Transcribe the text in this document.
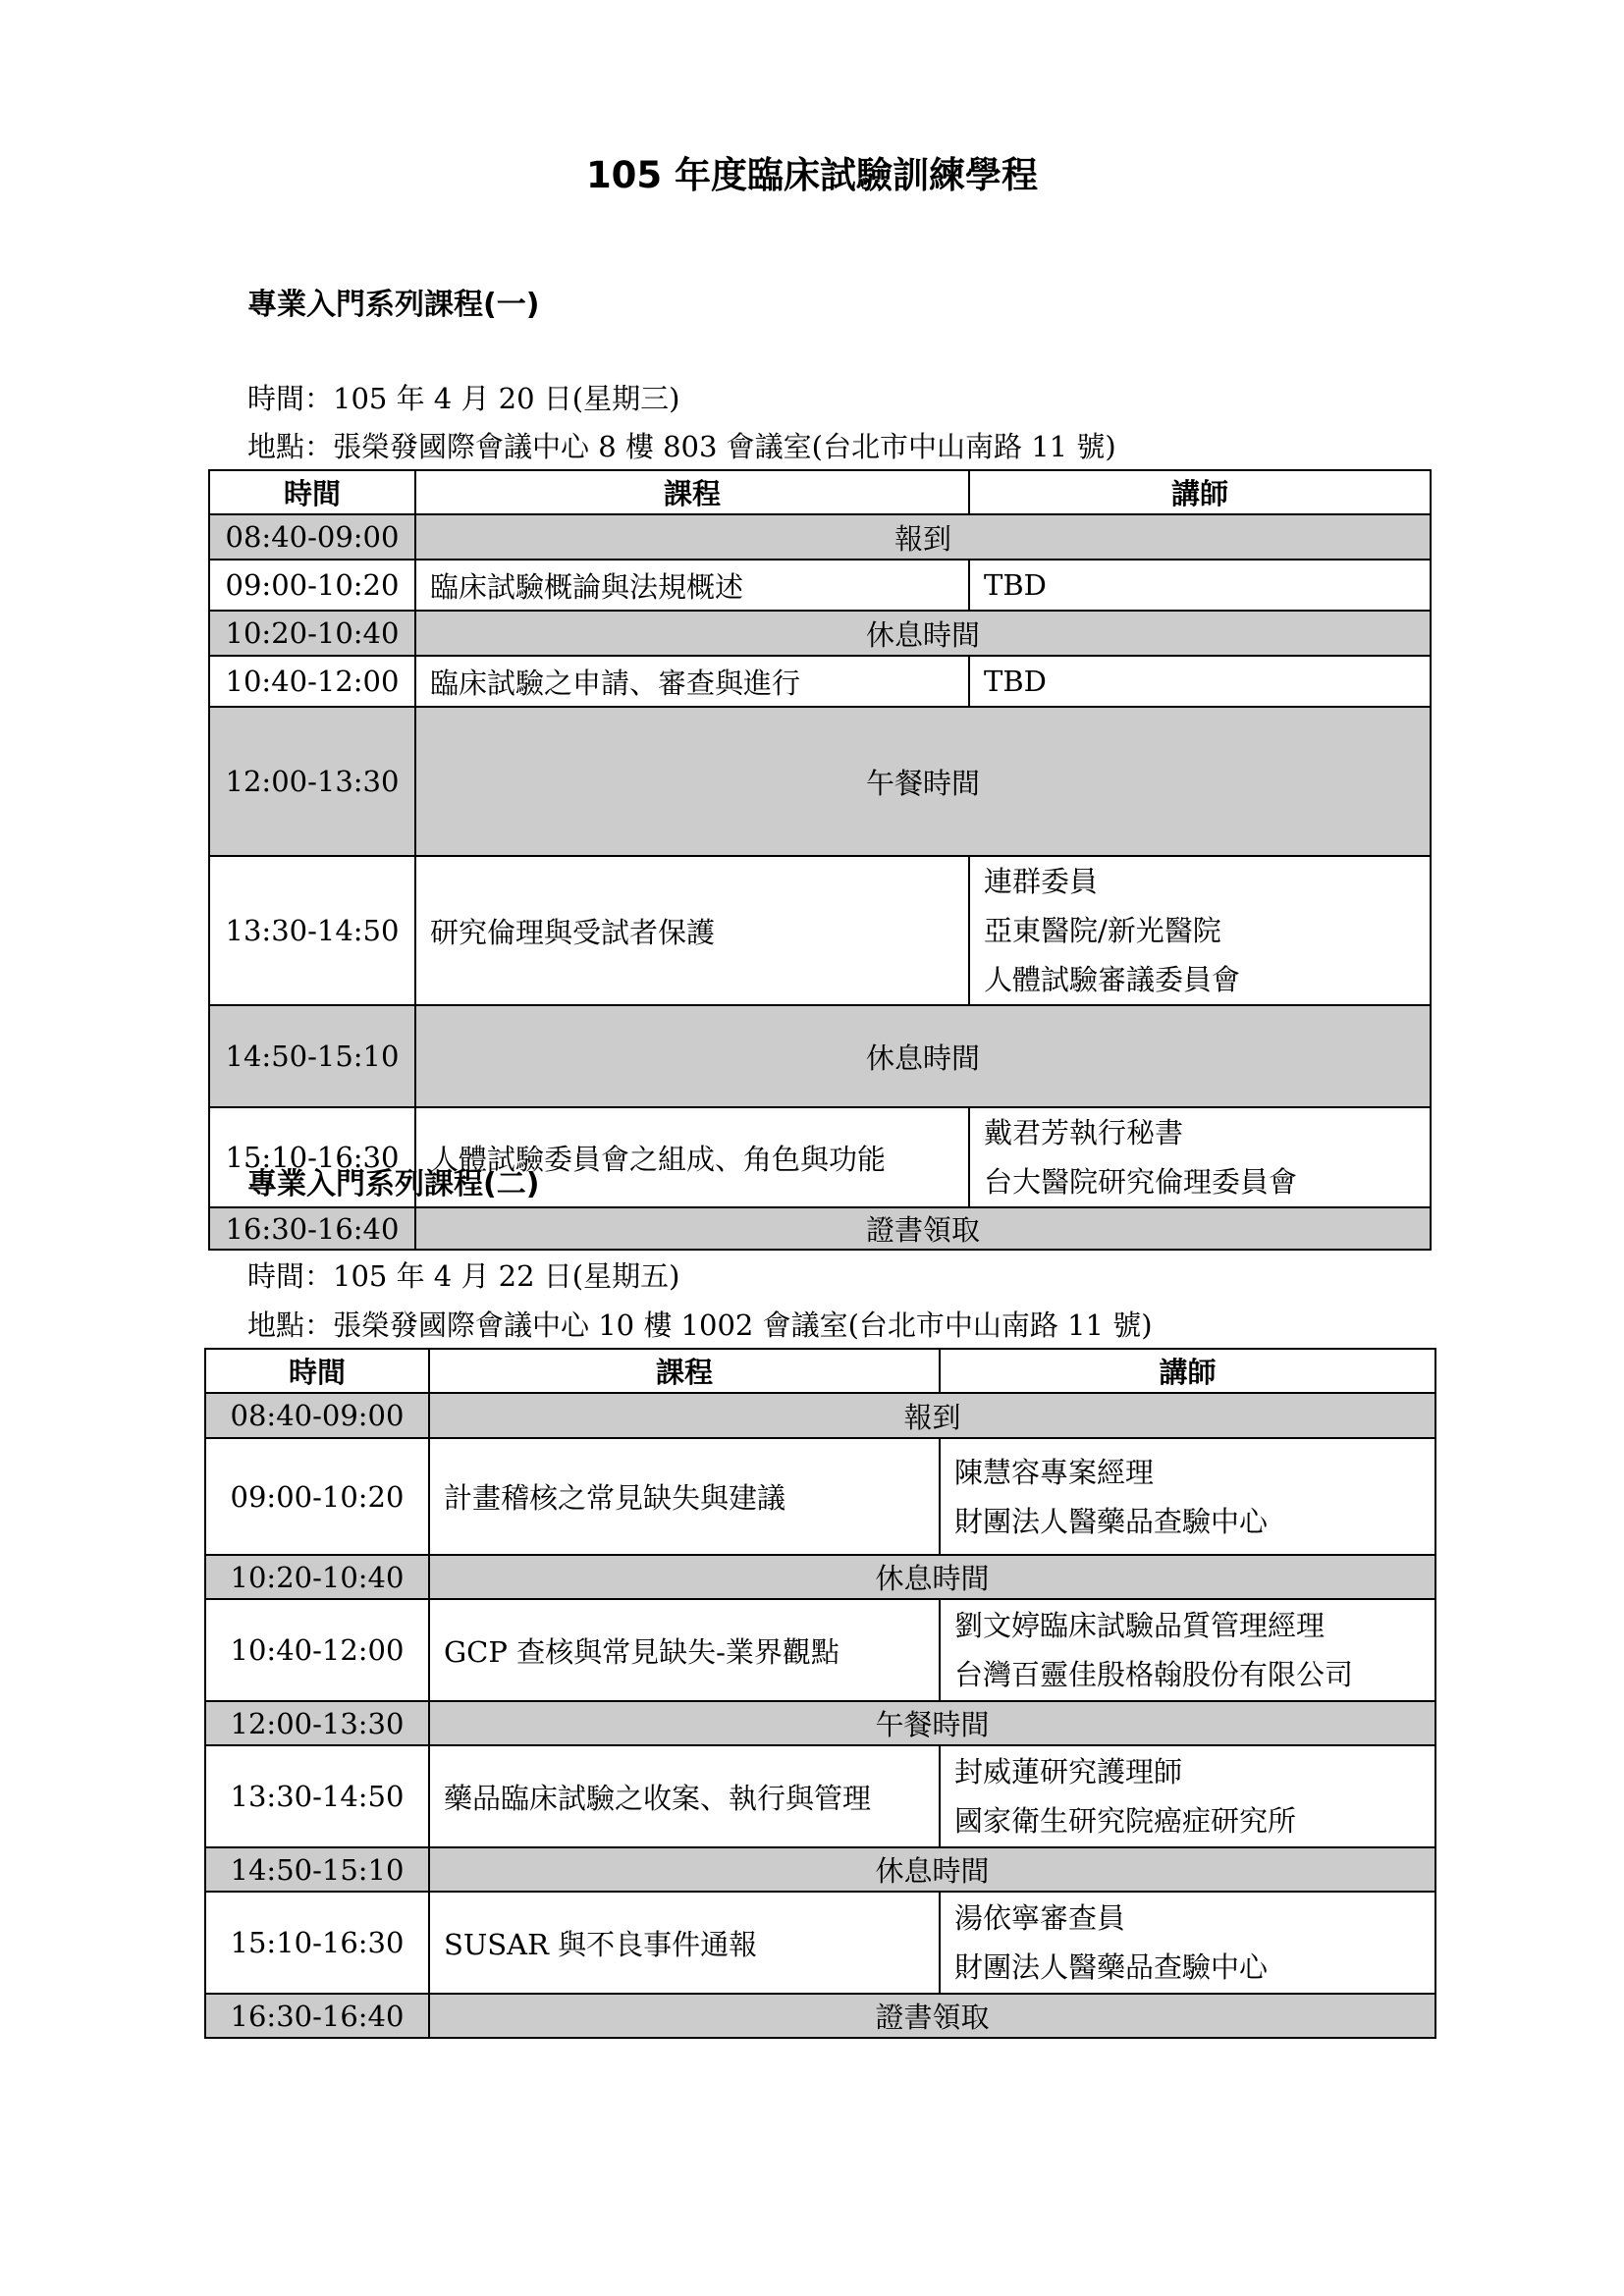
105 年度臨床試驗訓練學程
專業入門系列課程(一)
時間：105 年 4 月 20 日(星期三)
地點：張榮發國際會議中心 8 樓 803 會議室(台北市中山南路 11 號)
時間	課程	講師
08:40-09:00	報到	
09:00-10:20	臨床試驗概論與法規概述	TBD

10:20-10:40	休息時間	
10:40-12:00	臨床試驗之申請、審查與進行	TBD

12:00-13:30	午餐時間	
13:30-14:50	研究倫理與受試者保護	連群委員
亞東醫院/新光醫院
人體試驗審議委員會

14:50-15:10	休息時間	
15:10-16:30	人體試驗委員會之組成、角色與功能	戴君芳執行秘書
台大醫院研究倫理委員會

16:30-16:40	證書領取	
專業入門系列課程(二)
時間：105 年 4 月 22 日(星期五)
地點：張榮發國際會議中心 10 樓 1002 會議室(台北市中山南路 11 號)
時間	課程	講師
08:40-09:00	報到	
09:00-10:20	計畫稽核之常見缺失與建議	陳慧容專案經理
財團法人醫藥品查驗中心

10:20-10:40	休息時間	
10:40-12:00	GCP 查核與常見缺失-業界觀點	劉文婷臨床試驗品質管理經理
台灣百靈佳殷格翰股份有限公司

12:00-13:30	午餐時間	
13:30-14:50	藥品臨床試驗之收案、執行與管理	封威蓮研究護理師
國家衛生研究院癌症研究所

14:50-15:10	休息時間	
15:10-16:30	SUSAR 與不良事件通報	湯依寧審查員
財團法人醫藥品查驗中心

16:30-16:40	證書領取	
